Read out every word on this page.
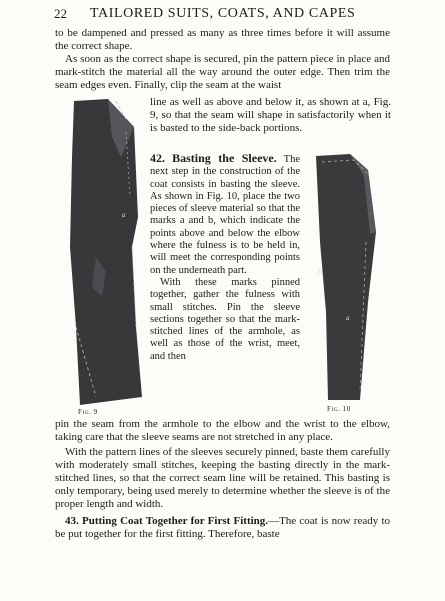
22 TAILORED SUITS, COATS, AND CAPES

to be dampened and pressed as many as three times before it will assume the correct shape.

As soon as the correct shape is secured, pin the pattern piece in place and mark-stitch the material all the way around the outer edge. Then trim the seam edges even. Finally, clip the seam at the waist

line as well as above and below it, as shown at a, Fig. 9, so that the seam will shape in satisfactorily when it is basted to the side-back portions.

a
Fig. 9

42. Basting the Sleeve. The next step in the construction of the coat consists in basting the sleeve. As shown in Fig. 10, place the two pieces of sleeve material so that the marks a and b, which indicate the points above and below the elbow where the fulness is to be held in, will meet the corresponding points on the underneath part.

With these marks pinned together, gather the fulness with small stitches. Pin the sleeve sections together so that the mark-stitched lines of the armhole, as well as those of the wrist, meet, and then

b
a
Fig. 10

pin the seam from the armhole to the elbow and the wrist to the elbow, taking care that the sleeve seams are not stretched in any place.

With the pattern lines of the sleeves securely pinned, baste them carefully with moderately small stitches, keeping the basting directly in the mark-stitched lines, so that the correct seam line will be retained. This basting is only temporary, being used merely to determine whether the sleeve is of the proper length and width.

43. Putting Coat Together for First Fitting.—The coat is now ready to be put together for the first fitting. Therefore, baste
